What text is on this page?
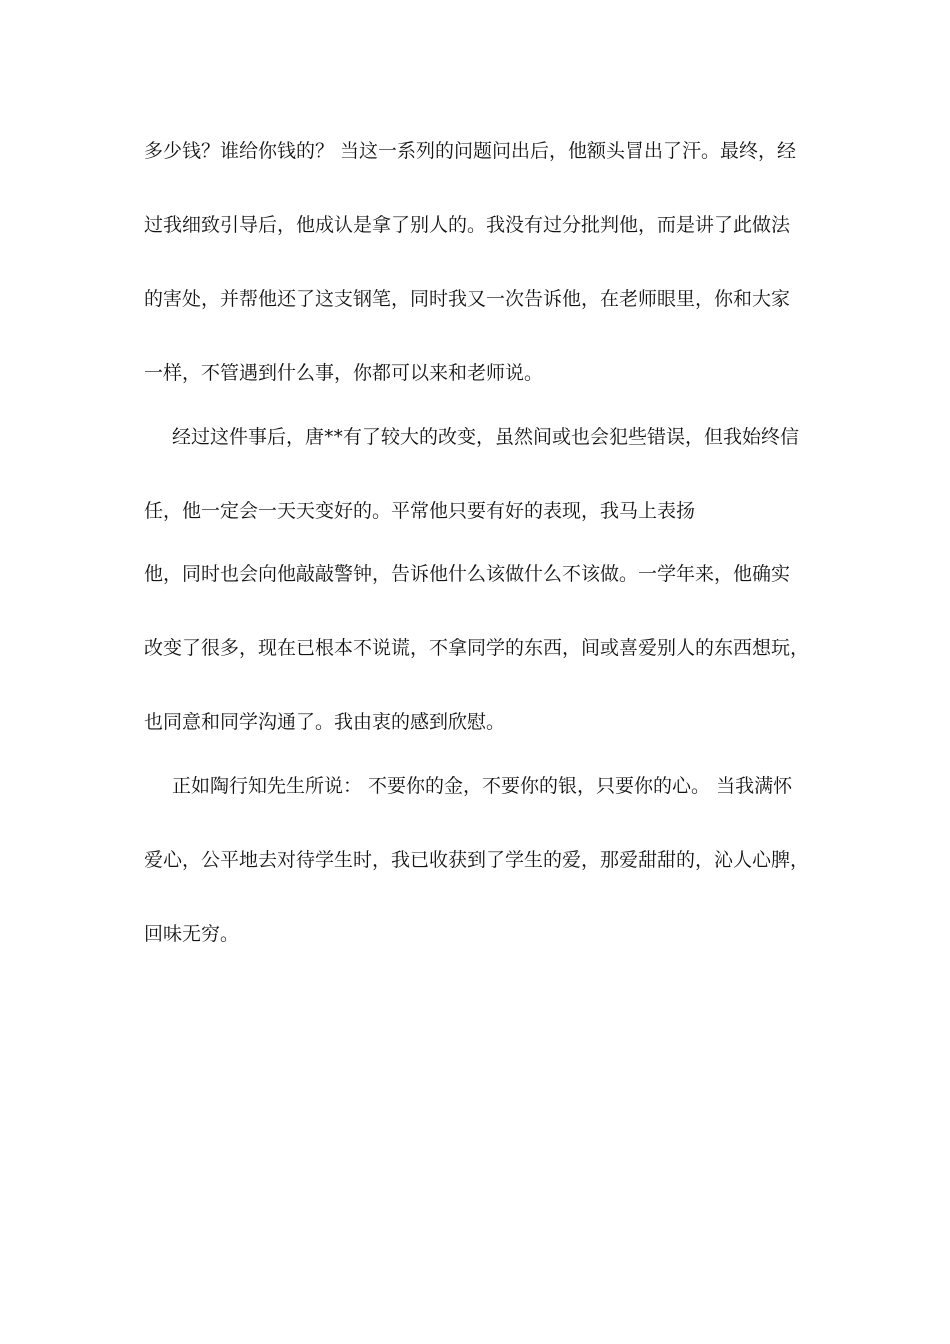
多少钱？谁给你钱的？ 当这一系列的问题问出后，他额头冒出了汗。最终，经
过我细致引导后，他成认是拿了别人的。我没有过分批判他，而是讲了此做法
的害处，并帮他还了这支钢笔，同时我又一次告诉他，在老师眼里，你和大家
一样，不管遇到什么事，你都可以来和老师说。
经过这件事后，唐**有了较大的改变，虽然间或也会犯些错误，但我始终信
任，他一定会一天天变好的。平常他只要有好的表现，我马上表扬
他，同时也会向他敲敲警钟，告诉他什么该做什么不该做。一学年来，他确实
改变了很多，现在已根本不说谎，不拿同学的东西，间或喜爱别人的东西想玩，
也同意和同学沟通了。我由衷的感到欣慰。
正如陶行知先生所说： 不要你的金，不要你的银，只要你的心。 当我满怀
爱心，公平地去对待学生时，我已收获到了学生的爱，那爱甜甜的，沁人心脾，
回味无穷。
